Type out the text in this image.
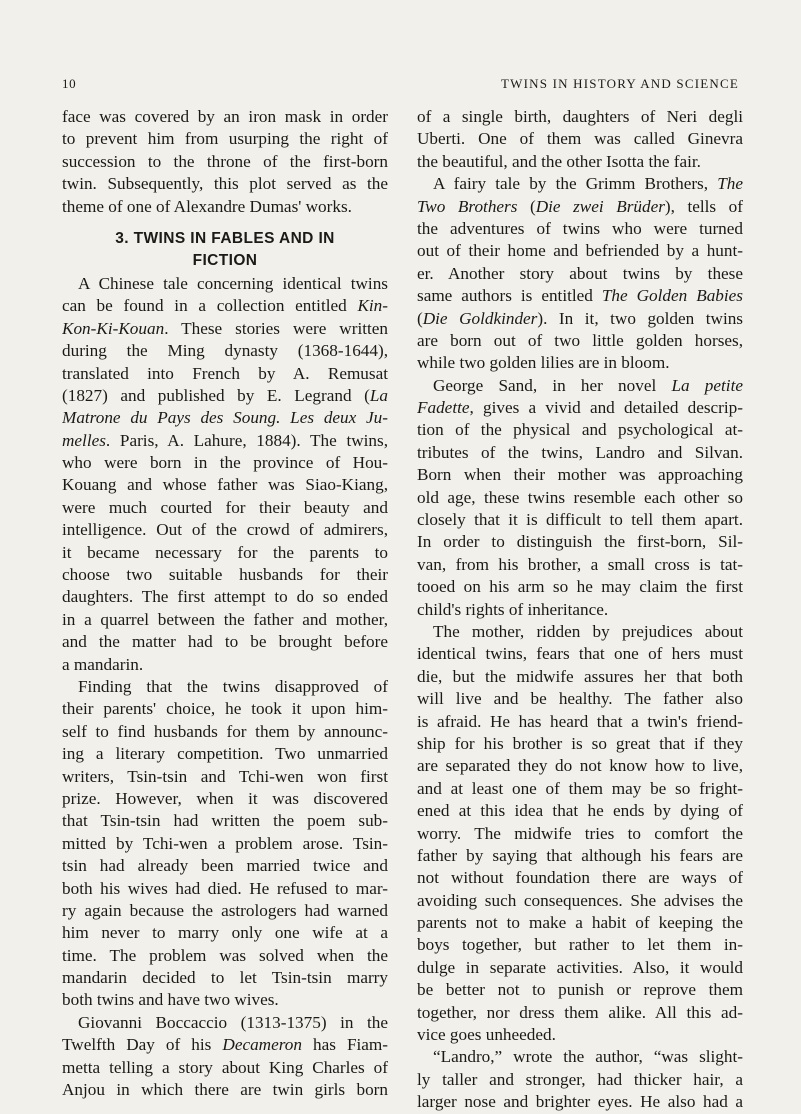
10	TWINS IN HISTORY AND SCIENCE
face was covered by an iron mask in order
to prevent him from usurping the right of
succession to the throne of the first-born
twin. Subsequently, this plot served as the
theme of one of Alexandre Dumas' works.
3. TWINS IN FABLES AND IN
FICTION
A Chinese tale concerning identical twins
can be found in a collection entitled Kin-
Kon-Ki-Kouan. These stories were written
during the Ming dynasty (1368-1644),
translated into French by A. Remusat
(1827) and published by E. Legrand (La
Matrone du Pays des Soung. Les deux Ju-
melles. Paris, A. Lahure, 1884). The twins,
who were born in the province of Hou-
Kouang and whose father was Siao-Kiang,
were much courted for their beauty and
intelligence. Out of the crowd of admirers,
it became necessary for the parents to
choose two suitable husbands for their
daughters. The first attempt to do so ended
in a quarrel between the father and mother,
and the matter had to be brought before
a mandarin.
Finding that the twins disapproved of
their parents' choice, he took it upon him-
self to find husbands for them by announc-
ing a literary competition. Two unmarried
writers, Tsin-tsin and Tchi-wen won first
prize. However, when it was discovered
that Tsin-tsin had written the poem sub-
mitted by Tchi-wen a problem arose. Tsin-
tsin had already been married twice and
both his wives had died. He refused to mar-
ry again because the astrologers had warned
him never to marry only one wife at a
time. The problem was solved when the
mandarin decided to let Tsin-tsin marry
both twins and have two wives.
Giovanni Boccaccio (1313-1375) in the
Twelfth Day of his Decameron has Fiam-
metta telling a story about King Charles of
Anjou in which there are twin girls born
of a single birth, daughters of Neri degli
Uberti. One of them was called Ginevra
the beautiful, and the other Isotta the fair.
A fairy tale by the Grimm Brothers, The
Two Brothers (Die zwei Brüder), tells of
the adventures of twins who were turned
out of their home and befriended by a hunt-
er. Another story about twins by these
same authors is entitled The Golden Babies
(Die Goldkinder). In it, two golden twins
are born out of two little golden horses,
while two golden lilies are in bloom.
George Sand, in her novel La petite
Fadette, gives a vivid and detailed descrip-
tion of the physical and psychological at-
tributes of the twins, Landro and Silvan.
Born when their mother was approaching
old age, these twins resemble each other so
closely that it is difficult to tell them apart.
In order to distinguish the first-born, Sil-
van, from his brother, a small cross is tat-
tooed on his arm so he may claim the first
child's rights of inheritance.
The mother, ridden by prejudices about
identical twins, fears that one of hers must
die, but the midwife assures her that both
will live and be healthy. The father also
is afraid. He has heard that a twin's friend-
ship for his brother is so great that if they
are separated they do not know how to live,
and at least one of them may be so fright-
ened at this idea that he ends by dying of
worry. The midwife tries to comfort the
father by saying that although his fears are
not without foundation there are ways of
avoiding such consequences. She advises the
parents not to make a habit of keeping the
boys together, but rather to let them in-
dulge in separate activities. Also, it would
be better not to punish or reprove them
together, nor dress them alike. All this ad-
vice goes unheeded.
“Landro,” wrote the author, “was slight-
ly taller and stronger, had thicker hair, a
larger nose and brighter eyes. He also had a
